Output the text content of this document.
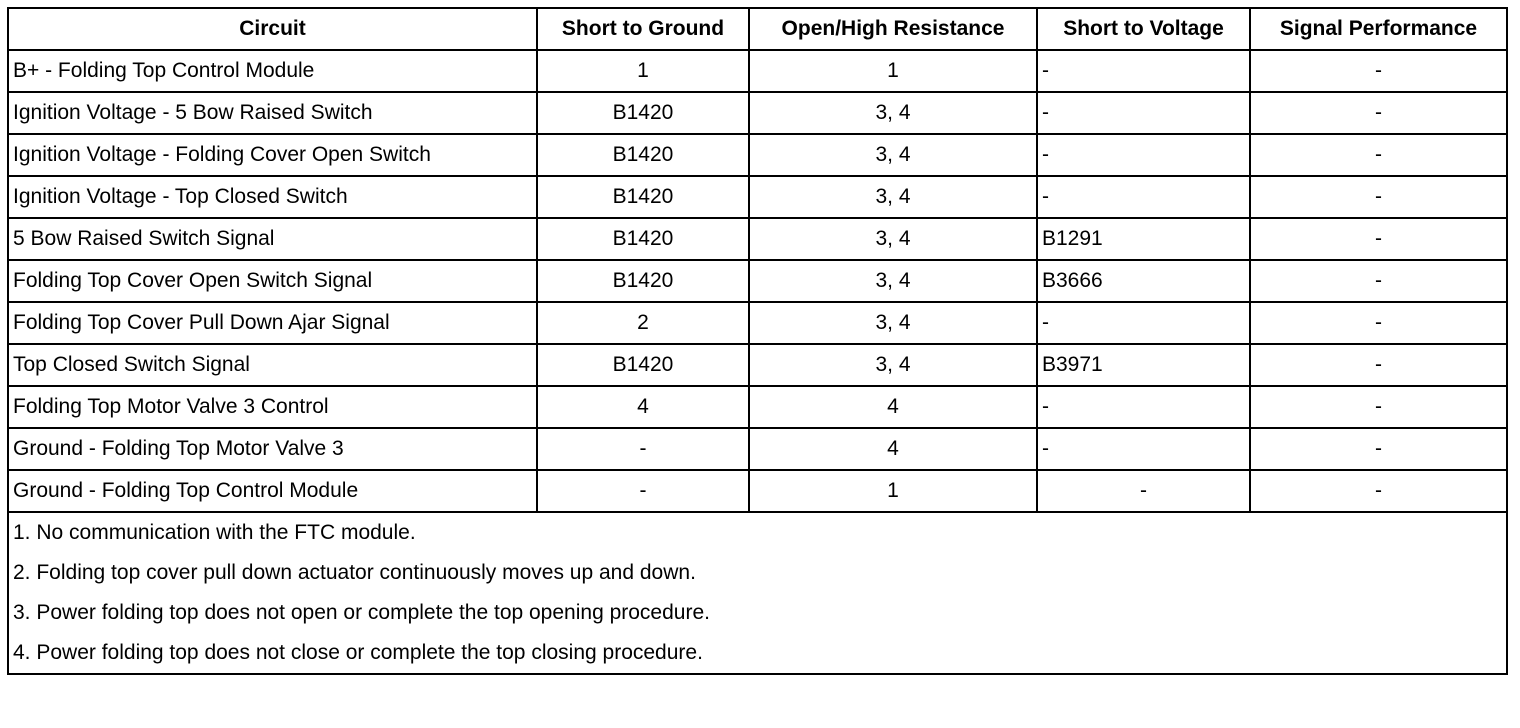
Circuit	Short to Ground	Open/High Resistance	Short to Voltage	Signal Performance
B+ - Folding Top Control Module	1	1	-	-
Ignition Voltage - 5 Bow Raised Switch	B1420	3, 4	-	-
Ignition Voltage - Folding Cover Open Switch	B1420	3, 4	-	-
Ignition Voltage - Top Closed Switch	B1420	3, 4	-	-
5 Bow Raised Switch Signal	B1420	3, 4	B1291	-
Folding Top Cover Open Switch Signal	B1420	3, 4	B3666	-
Folding Top Cover Pull Down Ajar Signal	2	3, 4	-	-
Top Closed Switch Signal	B1420	3, 4	B3971	-
Folding Top Motor Valve 3 Control	4	4	-	-
Ground - Folding Top Motor Valve 3	-	4	-	-
Ground - Folding Top Control Module	-	1	-	-
1. No communication with the FTC module.				
2. Folding top cover pull down actuator continuously moves up and down.				
3. Power folding top does not open or complete the top opening procedure.				
4. Power folding top does not close or complete the top closing procedure.				
